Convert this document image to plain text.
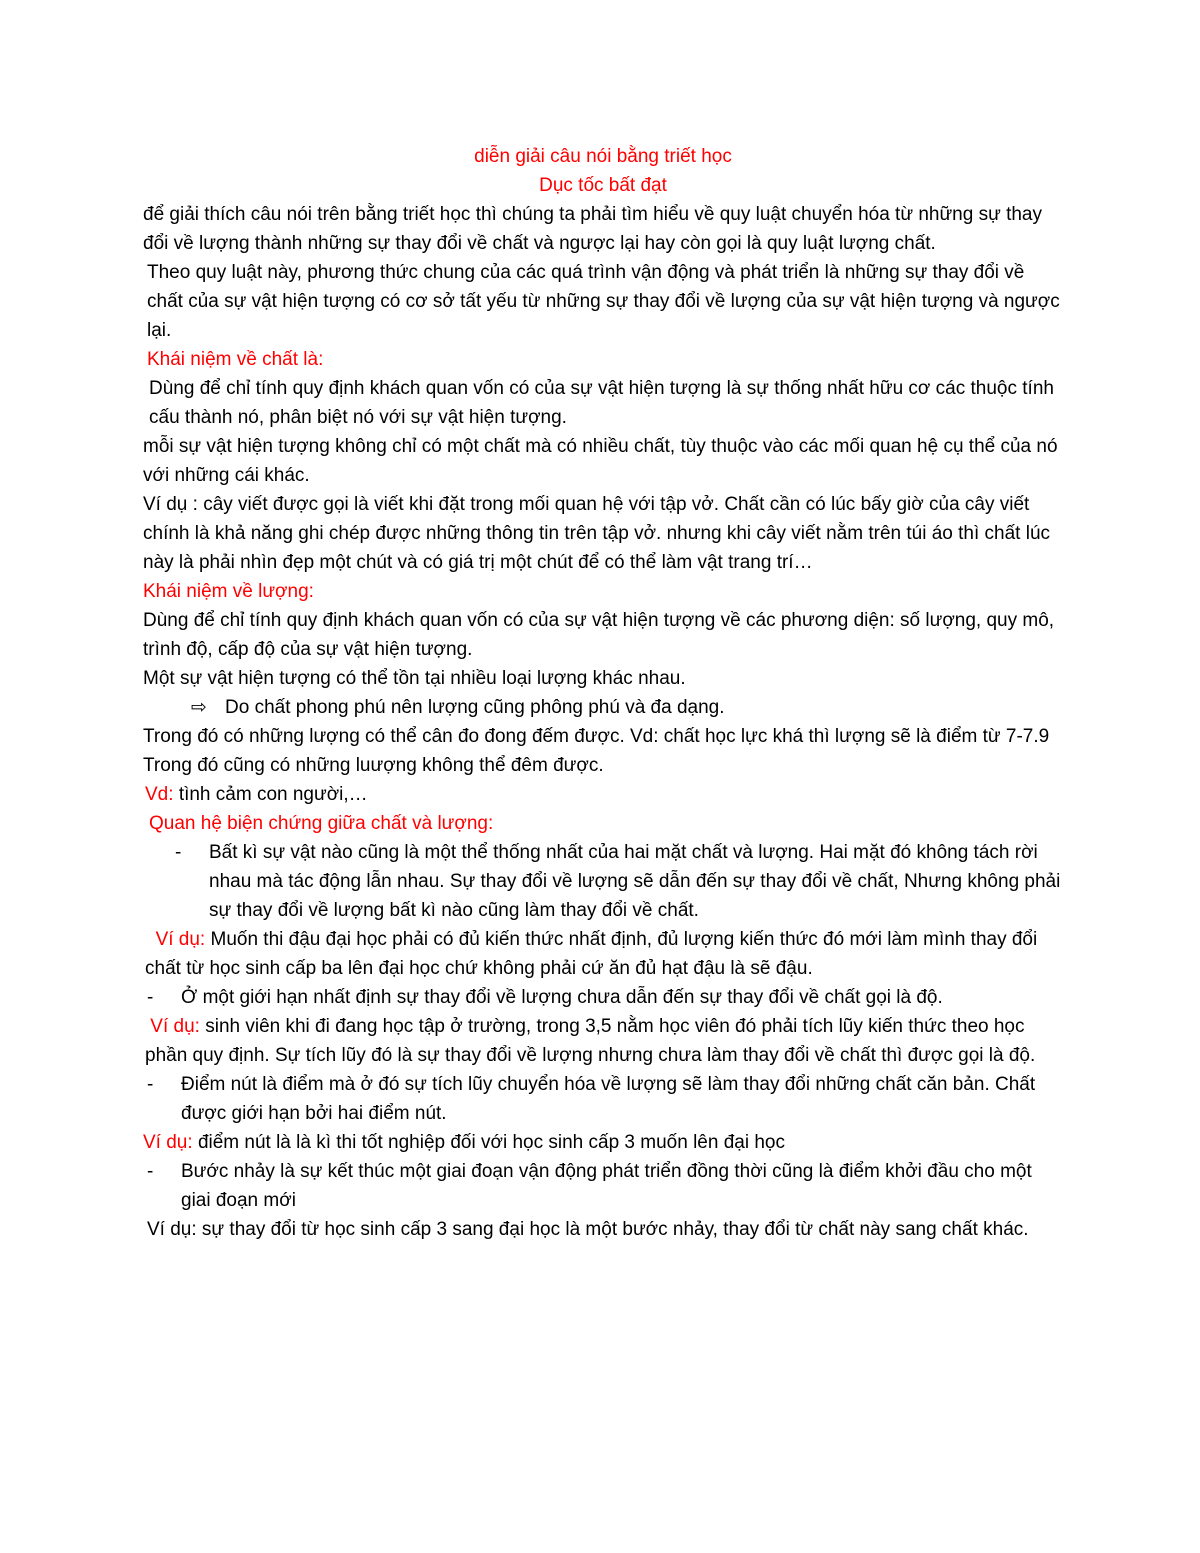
diễn giải câu nói bằng triết học

Dục tốc bất đạt

để giải thích câu nói trên bằng triết học thì chúng ta phải tìm hiểu về quy luật chuyển hóa từ những sự thay đổi về lượng thành những sự thay đổi về chất và ngược lại hay còn gọi là quy luật lượng chất.

Theo quy luật này, phương thức chung của các quá trình vận động và phát triển là những sự thay đổi về chất của sự vật hiện tượng có cơ sở tất yếu từ những sự thay đổi về lượng của sự vật hiện tượng và ngược lại.

Khái niệm về chất là:

Dùng để chỉ tính quy định khách quan vốn có của sự vật hiện tượng là sự thống nhất hữu cơ các thuộc tính cấu thành nó, phân biệt nó với sự vật hiện tượng.

mỗi sự vật hiện tượng không chỉ có một chất mà có nhiều chất, tùy thuộc vào các mối quan hệ cụ thể của nó với những cái khác.

Ví dụ : cây viết được gọi là viết khi đặt trong mối quan hệ với tập vở. Chất cần có lúc bấy giờ của cây viết chính là khả năng ghi chép được những thông tin trên tập vở. nhưng khi cây viết nằm trên túi áo thì chất lúc này là phải nhìn đẹp một chút và có giá trị một chút để có thể làm vật trang trí…

Khái niệm về lượng:

Dùng để chỉ tính quy định khách quan vốn có của sự vật hiện tượng về các phương diện: số lượng, quy mô, trình độ, cấp độ của sự vật hiện tượng.

Một sự vật hiện tượng có thể tồn tại nhiều loại lượng khác nhau.

⇨ Do chất phong phú nên lượng cũng phông phú và đa dạng.

Trong đó có những lượng có thể cân đo đong đếm được. Vd: chất học lực khá thì lượng sẽ là điểm từ 7-7.9

Trong đó cũng có những luượng không thể đêm được.

Vd: tình cảm con người,…

Quan hệ biện chứng giữa chất và lượng:

- Bất kì sự vật nào cũng là một thể thống nhất của hai mặt chất và lượng. Hai mặt đó không tách rời nhau mà tác động lẫn nhau. Sự thay đổi về lượng sẽ dẫn đến sự thay đổi về chất, Nhưng không phải sự thay đổi về lượng bất kì nào cũng làm thay đổi về chất.

Ví dụ: Muốn thi đậu đại học phải có đủ kiến thức nhất định, đủ lượng kiến thức đó mới làm mình thay đổi chất từ học sinh cấp ba lên đại học chứ không phải cứ ăn đủ hạt đậu là sẽ đậu.

- Ở một giới hạn nhất định sự thay đổi về lượng chưa dẫn đến sự thay đổi về chất gọi là độ.

Ví dụ: sinh viên khi đi đang học tập ở trường, trong 3,5 nằm học viên đó phải tích lũy kiến thức theo học phần quy định. Sự tích lũy đó là sự thay đổi về lượng nhưng chưa làm thay đổi về chất thì được gọi là độ.

- Điểm nút là điểm mà ở đó sự tích lũy chuyển hóa về lượng sẽ làm thay đổi những chất căn bản. Chất được giới hạn bởi hai điểm nút.

Ví dụ: điểm nút là là kì thi tốt nghiệp đối với học sinh cấp 3 muốn lên đại học

- Bước nhảy là sự kết thúc một giai đoạn vận động phát triển đồng thời cũng là điểm khởi đầu cho một giai đoạn mới

Ví dụ: sự thay đổi từ học sinh cấp 3 sang đại học là một bước nhảy, thay đổi từ chất này sang chất khác.
